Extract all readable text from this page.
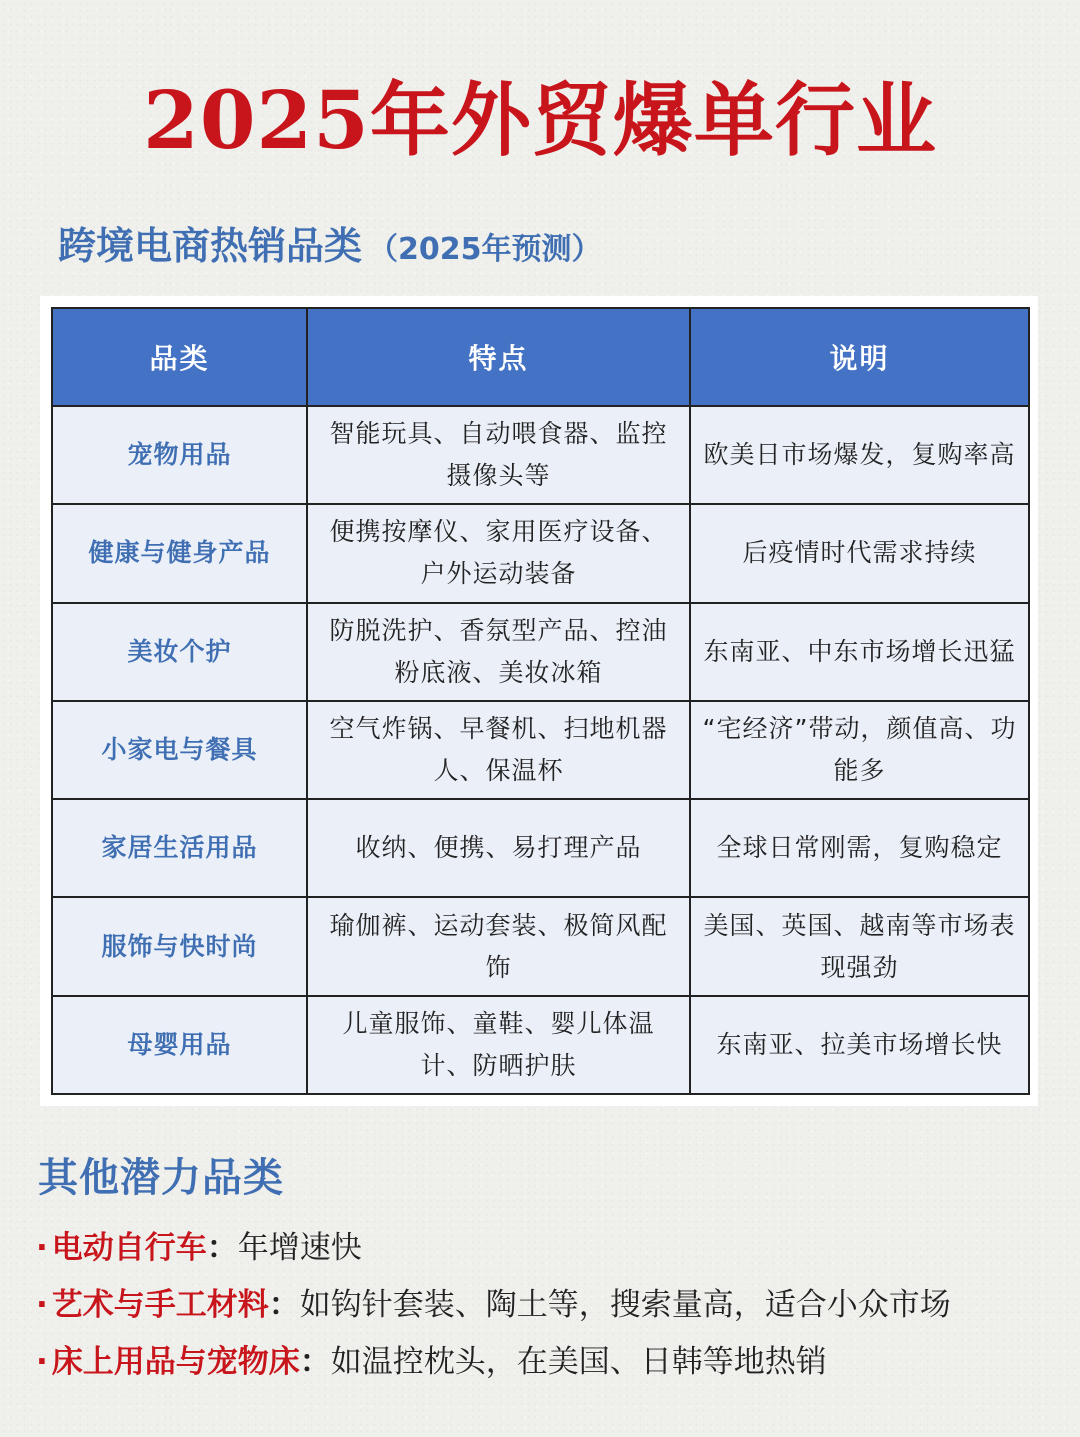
2025年外贸爆单行业
跨境电商热销品类 （2025年预测）
品类	特点	说明
宠物用品	智能玩具、自动喂食器、监控摄像头等	欧美日市场爆发，复购率高
健康与健身产品	便携按摩仪、家用医疗设备、户外运动装备	后疫情时代需求持续
美妆个护	防脱洗护、香氛型产品、控油粉底液、美妆冰箱	东南亚、中东市场增长迅猛
小家电与餐具	空气炸锅、早餐机、扫地机器人、保温杯	“宅经济”带动，颜值高、功能多
家居生活用品	收纳、便携、易打理产品	全球日常刚需，复购稳定
服饰与快时尚	瑜伽裤、运动套装、极简风配饰	美国、英国、越南等市场表现强劲
母婴用品	儿童服饰、童鞋、婴儿体温计、防晒护肤	东南亚、拉美市场增长快
其他潜力品类
· 电动自行车：年增速快
· 艺术与手工材料：如钩针套装、陶土等，搜索量高，适合小众市场
· 床上用品与宠物床：如温控枕头，在美国、日韩等地热销
